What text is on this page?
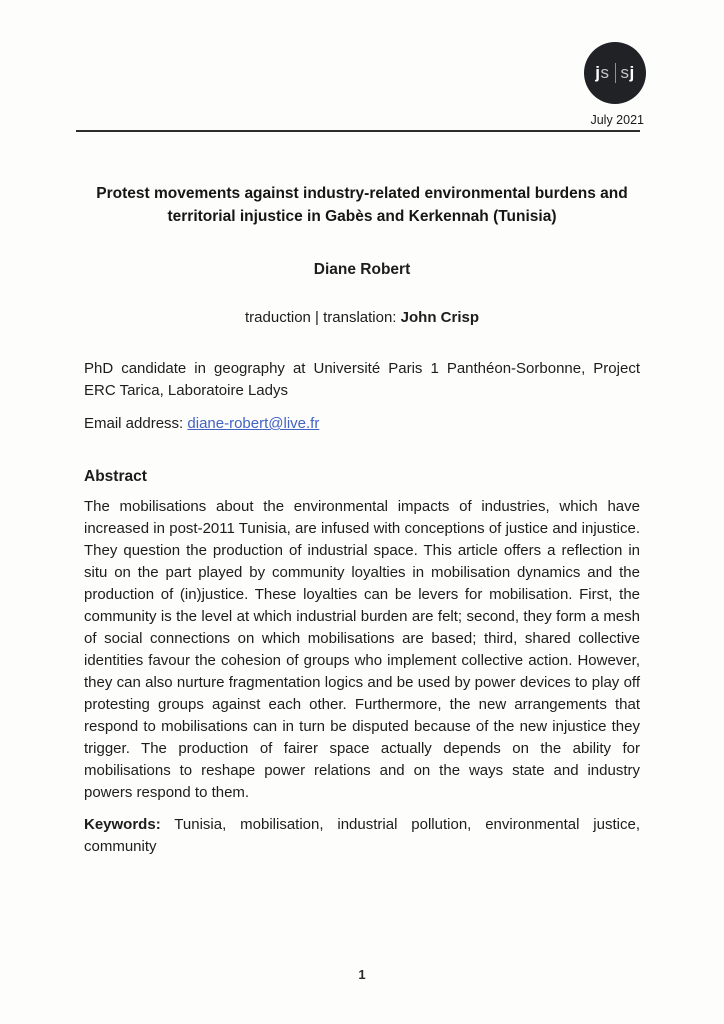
js sj
July 2021
Protest movements against industry-related environmental burdens and territorial injustice in Gabès and Kerkennah (Tunisia)
Diane Robert
traduction | translation: John Crisp

PhD candidate in geography at Université Paris 1 Panthéon-Sorbonne, Project ERC Tarica, Laboratoire Ladys

Email address: diane-robert@live.fr

Abstract

The mobilisations about the environmental impacts of industries, which have increased in post-2011 Tunisia, are infused with conceptions of justice and injustice. They question the production of industrial space. This article offers a reflection in situ on the part played by community loyalties in mobilisation dynamics and the production of (in)justice. These loyalties can be levers for mobilisation. First, the community is the level at which industrial burden are felt; second, they form a mesh of social connections on which mobilisations are based; third, shared collective identities favour the cohesion of groups who implement collective action. However, they can also nurture fragmentation logics and be used by power devices to play off protesting groups against each other. Furthermore, the new arrangements that respond to mobilisations can in turn be disputed because of the new injustice they trigger. The production of fairer space actually depends on the ability for mobilisations to reshape power relations and on the ways state and industry powers respond to them.

Keywords: Tunisia, mobilisation, industrial pollution, environmental justice, community

1
